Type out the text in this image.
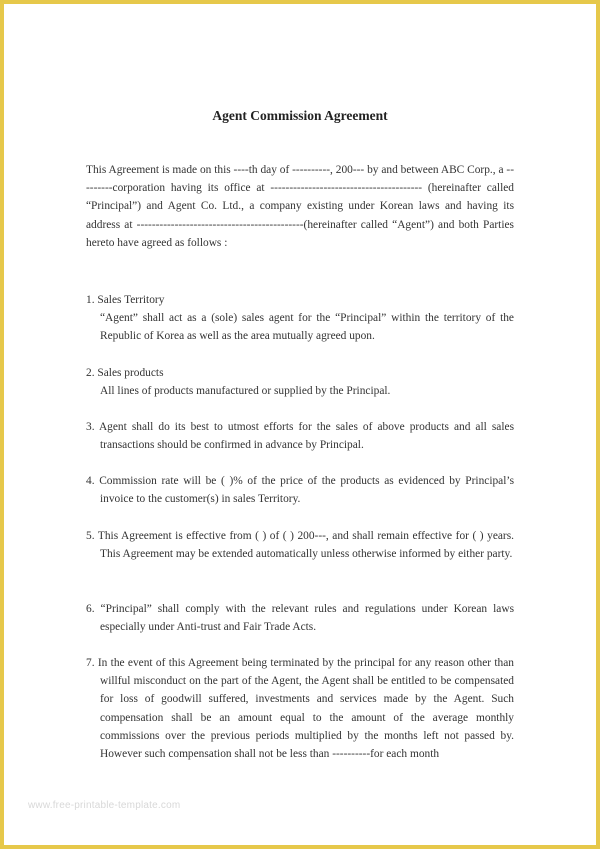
Agent Commission Agreement

This Agreement is made on this ----th day of ----------, 200--- by and between ABC Corp., a ---------corporation having its office at ---------------------------------------- (hereinafter called “Principal”) and Agent Co. Ltd., a company existing under Korean laws and having its address at --------------------------------------------(hereinafter called “Agent”) and both Parties hereto have agreed as follows :

1. Sales Territory

“Agent” shall act as a (sole) sales agent for the “Principal” within the territory of the Republic of Korea as well as the area mutually agreed upon.

2. Sales products

All lines of products manufactured or supplied by the Principal.

3. Agent shall do its best to utmost efforts for the sales of above products and all sales transactions should be confirmed in advance by Principal.

4. Commission rate will be ( )% of the price of the products as evidenced by Principal’s invoice to the customer(s) in sales Territory.

5. This Agreement is effective from ( ) of ( ) 200---, and shall remain effective for ( ) years. This Agreement may be extended automatically unless otherwise informed by either party.

6. “Principal” shall comply with the relevant rules and regulations under Korean laws especially under Anti-trust and Fair Trade Acts.

7. In the event of this Agreement being terminated by the principal for any reason other than willful misconduct on the part of the Agent, the Agent shall be entitled to be compensated for loss of goodwill suffered, investments and services made by the Agent. Such compensation shall be an amount equal to the amount of the average monthly commissions over the previous periods multiplied by the months left not passed by. However such compensation shall not be less than ----------for each month

www.free-printable-template.com
